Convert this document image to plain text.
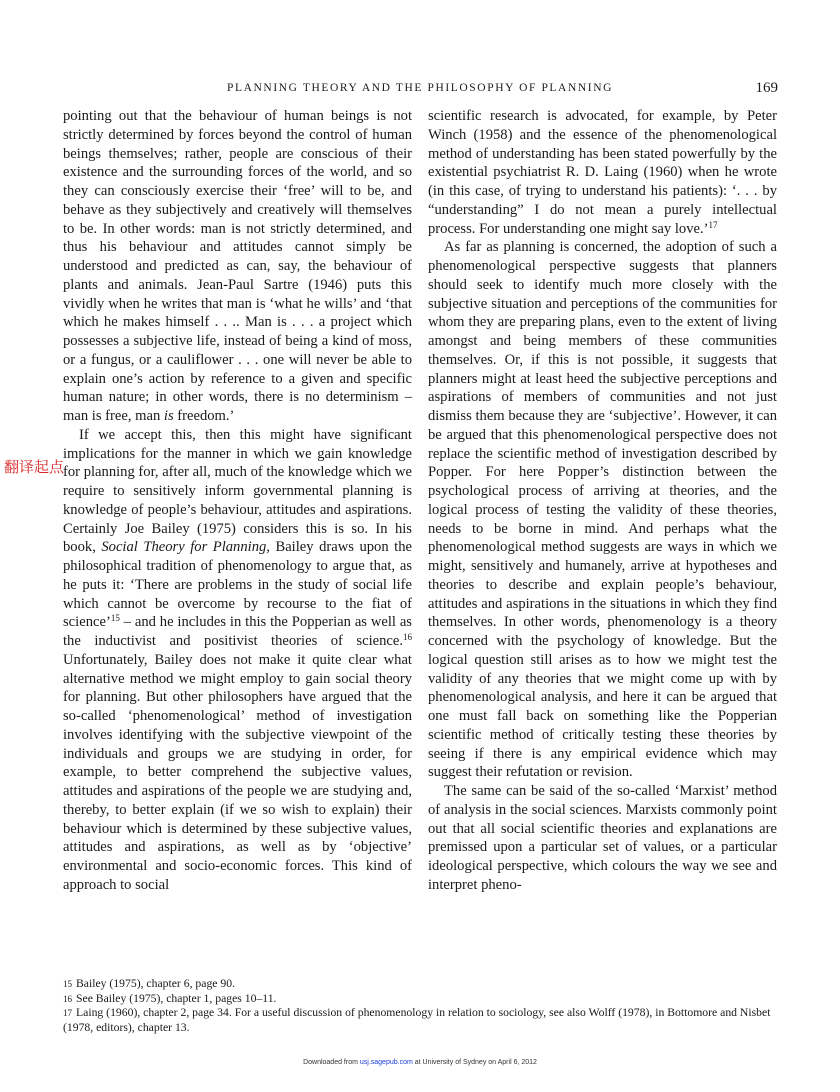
PLANNING THEORY AND THE PHILOSOPHY OF PLANNING	169
翻译起点

pointing out that the behaviour of human beings is not strictly determined by forces beyond the control of human beings themselves; rather, people are conscious of their existence and the surrounding forces of the world, and so they can consciously exercise their ‘free’ will to be, and behave as they subjectively and creatively will themselves to be. In other words: man is not strictly determined, and thus his behaviour and attitudes cannot simply be understood and predicted as can, say, the behaviour of plants and animals. Jean-Paul Sartre (1946) puts this vividly when he writes that man is ‘what he wills’ and ‘that which he makes himself . . .. Man is . . . a project which possesses a subjective life, instead of being a kind of moss, or a fungus, or a cauliflower . . . one will never be able to explain one’s action by reference to a given and specific human nature; in other words, there is no determinism – man is free, man is freedom.’

If we accept this, then this might have significant implications for the manner in which we gain knowledge for planning for, after all, much of the knowledge which we require to sensitively inform governmental planning is knowledge of people’s behaviour, attitudes and aspirations. Certainly Joe Bailey (1975) considers this is so. In his book, Social Theory for Planning, Bailey draws upon the philosophical tradition of phenomenology to argue that, as he puts it: ‘There are problems in the study of social life which cannot be overcome by recourse to the fiat of science’$^{15}$ – and he includes in this the Popperian as well as the inductivist and positivist theories of science.$^{16}$ Unfortunately, Bailey does not make it quite clear what alternative method we might employ to gain social theory for planning. But other philosophers have argued that the so-called ‘phenomenological’ method of investigation involves identifying with the subjective viewpoint of the individuals and groups we are studying in order, for example, to better comprehend the subjective values, attitudes and aspirations of the people we are studying and, thereby, to better explain (if we so wish to explain) their behaviour which is determined by these subjective values, attitudes and aspirations, as well as by ‘objective’ environmental and socio-economic forces. This kind of approach to social

scientific research is advocated, for example, by Peter Winch (1958) and the essence of the phenomenological method of understanding has been stated powerfully by the existential psychiatrist R. D. Laing (1960) when he wrote (in this case, of trying to understand his patients): ‘. . . by “understanding” I do not mean a purely intellectual process. For understanding one might say love.’$^{17}$

As far as planning is concerned, the adoption of such a phenomenological perspective suggests that planners should seek to identify much more closely with the subjective situation and perceptions of the communities for whom they are preparing plans, even to the extent of living amongst and being members of these communities themselves. Or, if this is not possible, it suggests that planners might at least heed the subjective perceptions and aspirations of members of communities and not just dismiss them because they are ‘subjective’. However, it can be argued that this phenomenological perspective does not replace the scientific method of investigation described by Popper. For here Popper’s distinction between the psychological process of arriving at theories, and the logical process of testing the validity of these theories, needs to be borne in mind. And perhaps what the phenomenological method suggests are ways in which we might, sensitively and humanely, arrive at hypotheses and theories to describe and explain people’s behaviour, attitudes and aspirations in the situations in which they find themselves. In other words, phenomenology is a theory concerned with the psychology of knowledge. But the logical question still arises as to how we might test the validity of any theories that we might come up with by phenomenological analysis, and here it can be argued that one must fall back on something like the Popperian scientific method of critically testing these theories by seeing if there is any empirical evidence which may suggest their refutation or revision.

The same can be said of the so-called ‘Marxist’ method of analysis in the social sciences. Marxists commonly point out that all social scientific theories and explanations are premissed upon a particular set of values, or a particular ideological perspective, which colours the way we see and interpret pheno-

15 Bailey (1975), chapter 6, page 90.

16 See Bailey (1975), chapter 1, pages 10–11.

17 Laing (1960), chapter 2, page 34. For a useful discussion of phenomenology in relation to sociology, see also Wolff (1978), in Bottomore and Nisbet (1978, editors), chapter 13.

Downloaded from usj.sagepub.com at University of Sydney on April 6, 2012
